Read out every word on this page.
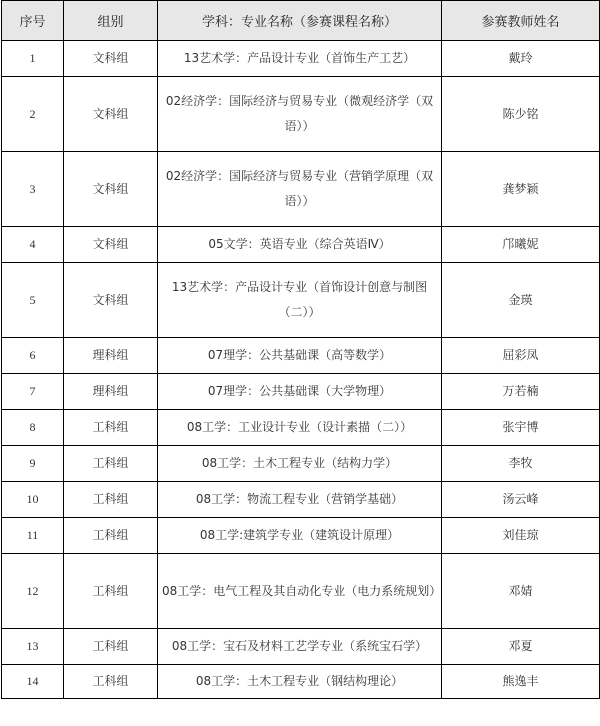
序号	组别	学科：专业名称（参赛课程名称）	参赛教师姓名
1	文科组	13艺术学：产品设计专业（首饰生产工艺）	戴玲
2	文科组	02经济学：国际经济与贸易专业（微观经济学（双语））	陈少铭
3	文科组	02经济学：国际经济与贸易专业（营销学原理（双语））	龚梦颖
4	文科组	05文学：英语专业（综合英语Ⅳ）	邝曦妮
5	文科组	13艺术学：产品设计专业（首饰设计创意与制图（二））	金瑛
6	理科组	07理学：公共基础课（高等数学）	屈彩凤
7	理科组	07理学：公共基础课（大学物理）	万若楠
8	工科组	08工学：工业设计专业（设计素描（二））	张宇博
9	工科组	08工学：土木工程专业（结构力学）	李牧
10	工科组	08工学：物流工程专业（营销学基础）	汤云峰
11	工科组	08工学:建筑学专业（建筑设计原理）	刘佳琼
12	工科组	08工学：电气工程及其自动化专业（电力系统规划）	邓婧
13	工科组	08工学：宝石及材料工艺学专业（系统宝石学）	邓夏
14	工科组	08工学：土木工程专业（钢结构理论）	熊逸丰
